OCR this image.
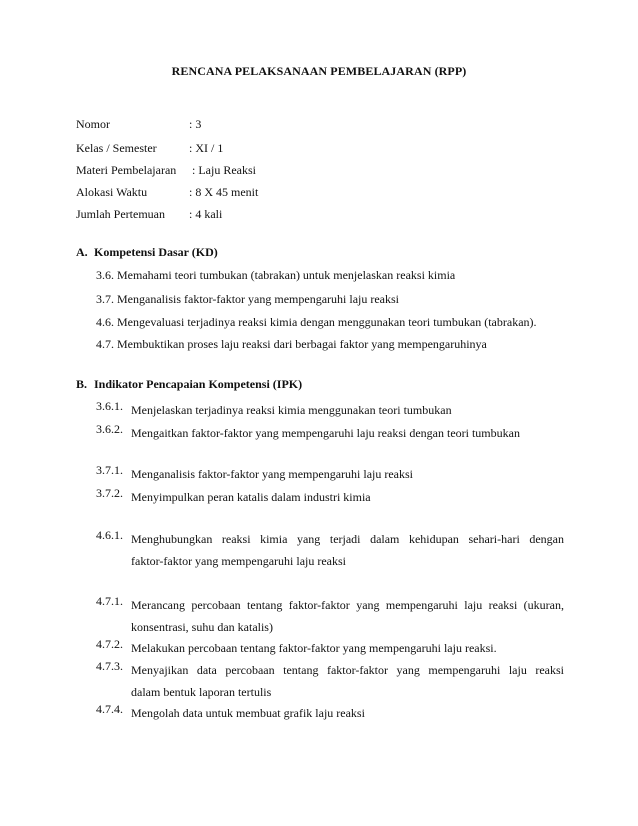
RENCANA PELAKSANAAN PEMBELAJARAN (RPP)
Nomor	: 3
Kelas / Semester	: XI / 1
Materi Pembelajaran : Laju Reaksi
Alokasi Waktu	: 8 X 45 menit
Jumlah Pertemuan : 4 kali
A. Kompetensi Dasar (KD)
3.6. Memahami teori tumbukan (tabrakan) untuk menjelaskan reaksi kimia
3.7. Menganalisis faktor-faktor yang mempengaruhi laju reaksi
4.6. Mengevaluasi terjadinya reaksi kimia dengan menggunakan teori tumbukan (tabrakan).
4.7. Membuktikan proses laju reaksi dari berbagai faktor yang mempengaruhinya
B. Indikator Pencapaian Kompetensi (IPK)
3.6.1. Menjelaskan terjadinya reaksi kimia menggunakan teori tumbukan
3.6.2. Mengaitkan faktor-faktor yang mempengaruhi laju reaksi dengan teori tumbukan
3.7.1. Menganalisis faktor-faktor yang mempengaruhi laju reaksi
3.7.2. Menyimpulkan peran katalis dalam industri kimia
4.6.1. Menghubungkan reaksi kimia yang terjadi dalam kehidupan sehari-hari dengan
faktor-faktor yang mempengaruhi laju reaksi
4.7.1. Merancang percobaan tentang faktor-faktor yang mempengaruhi laju reaksi (ukuran,
konsentrasi, suhu dan katalis)
4.7.2. Melakukan percobaan tentang faktor-faktor yang mempengaruhi laju reaksi.
4.7.3. Menyajikan data percobaan tentang faktor-faktor yang mempengaruhi laju reaksi
dalam bentuk laporan tertulis
4.7.4. Mengolah data untuk membuat grafik laju reaksi
